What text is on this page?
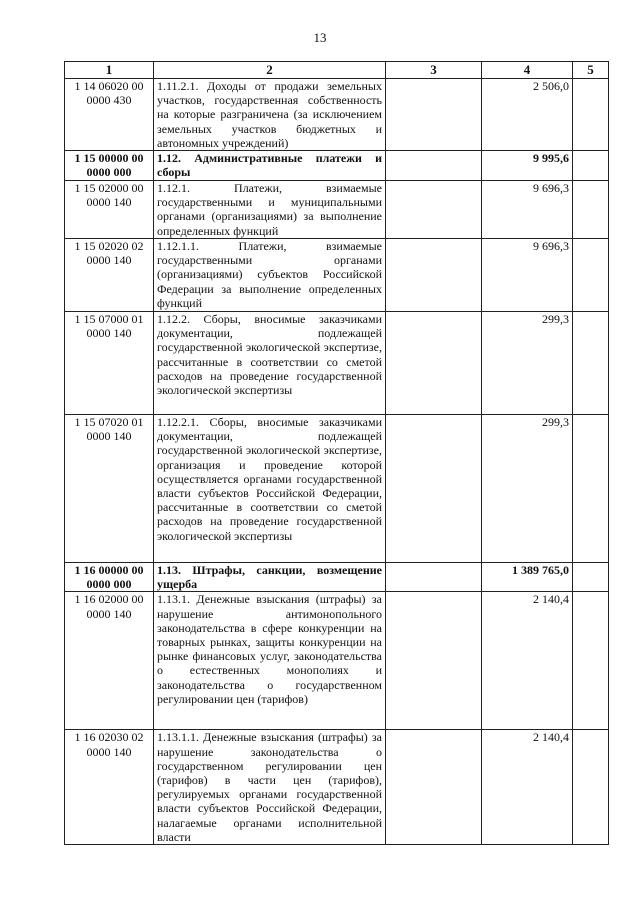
13
1	2	3	4	5
1 14 06020 00 0000 430	1.11.2.1. Доходы от продажи земельных участков, государственная собственность на которые разграничена (за исключением земельных участков бюджетных и автономных учреждений)		2 506,0	
1 15 00000 00 0000 000	1.12. Административные платежи и сборы		9 995,6	
1 15 02000 00 0000 140	1.12.1. Платежи, взимаемые государственными и муниципальными органами (организациями) за выполнение определенных функций		9 696,3	
1 15 02020 02 0000 140	1.12.1.1. Платежи, взимаемые государственными органами (организациями) субъектов Российской Федерации за выполнение определенных функций		9 696,3	
1 15 07000 01 0000 140	1.12.2. Сборы, вносимые заказчиками документации, подлежащей государственной экологической экспертизе, рассчитанные в соответствии со сметой расходов на проведение государственной экологической экспертизы		299,3	
1 15 07020 01 0000 140	1.12.2.1. Сборы, вносимые заказчиками документации, подлежащей государственной экологической экспертизе, организация и проведение которой осуществляется органами государственной власти субъектов Российской Федерации, рассчитанные в соответствии со сметой расходов на проведение государственной экологической экспертизы		299,3	
1 16 00000 00 0000 000	1.13. Штрафы, санкции, возмещение ущерба		1 389 765,0	
1 16 02000 00 0000 140	1.13.1. Денежные взыскания (штрафы) за нарушение антимонопольного законодательства в сфере конкуренции на товарных рынках, защиты конкуренции на рынке финансовых услуг, законодательства о естественных монополиях и законодательства о государственном регулировании цен (тарифов)		2 140,4	
1 16 02030 02 0000 140	1.13.1.1. Денежные взыскания (штрафы) за нарушение законодательства о государственном регулировании цен (тарифов) в части цен (тарифов), регулируемых органами государственной власти субъектов Российской Федерации, налагаемые органами исполнительной власти		2 140,4	
